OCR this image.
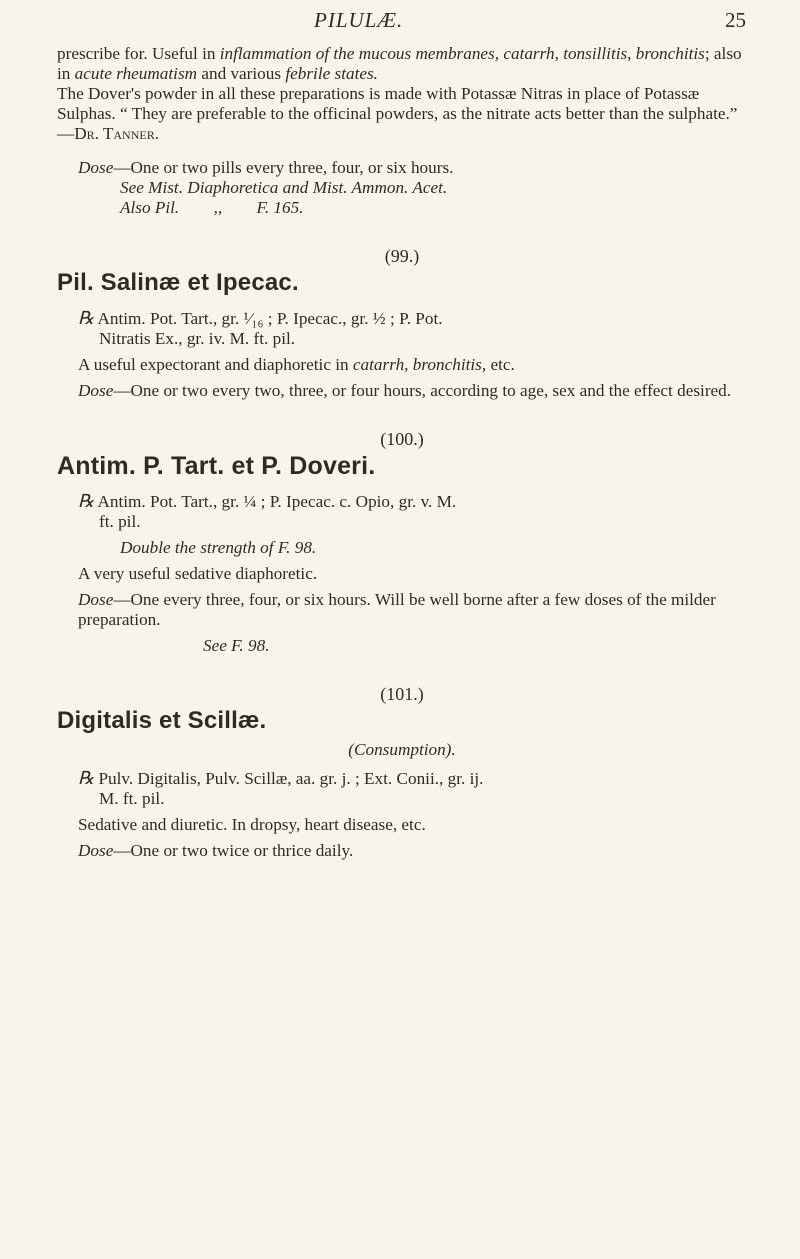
PILULÆ.	25

prescribe for. Useful in inflammation of the mucous membranes, catarrh, tonsillitis, bronchitis; also in acute rheumatism and various febrile states.

The Dover's powder in all these preparations is made with Potassæ Nitras in place of Potassæ Sulphas. “ They are preferable to the officinal powders, as the nitrate acts better than the sulphate.” —Dr. Tanner.

Dose—One or two pills every three, four, or six hours.

See Mist. Diaphoretica and Mist. Ammon. Acet.

Also Pil.        ,,        F. 165.

(99.)

Pil. Salinæ et Ipecac.

℞ Antim. Pot. Tart., gr. ¹⁄₁₆ ; P. Ipecac., gr. ½ ; P. Pot.

Nitratis Ex., gr. iv. M. ft. pil.

A useful expectorant and diaphoretic in catarrh, bronchitis, etc.

Dose—One or two every two, three, or four hours, according to age, sex and the effect desired.

(100.)

Antim. P. Tart. et P. Doveri.

℞ Antim. Pot. Tart., gr. ¼ ; P. Ipecac. c. Opio, gr. v. M.

ft. pil.

Double the strength of F. 98.

A very useful sedative diaphoretic.

Dose—One every three, four, or six hours. Will be well borne after a few doses of the milder preparation.

See F. 98.

(101.)

Digitalis et Scillæ.

(Consumption).

℞ Pulv. Digitalis, Pulv. Scillæ, aa. gr. j. ; Ext. Conii., gr. ij.

M. ft. pil.

Sedative and diuretic. In dropsy, heart disease, etc.

Dose—One or two twice or thrice daily.
